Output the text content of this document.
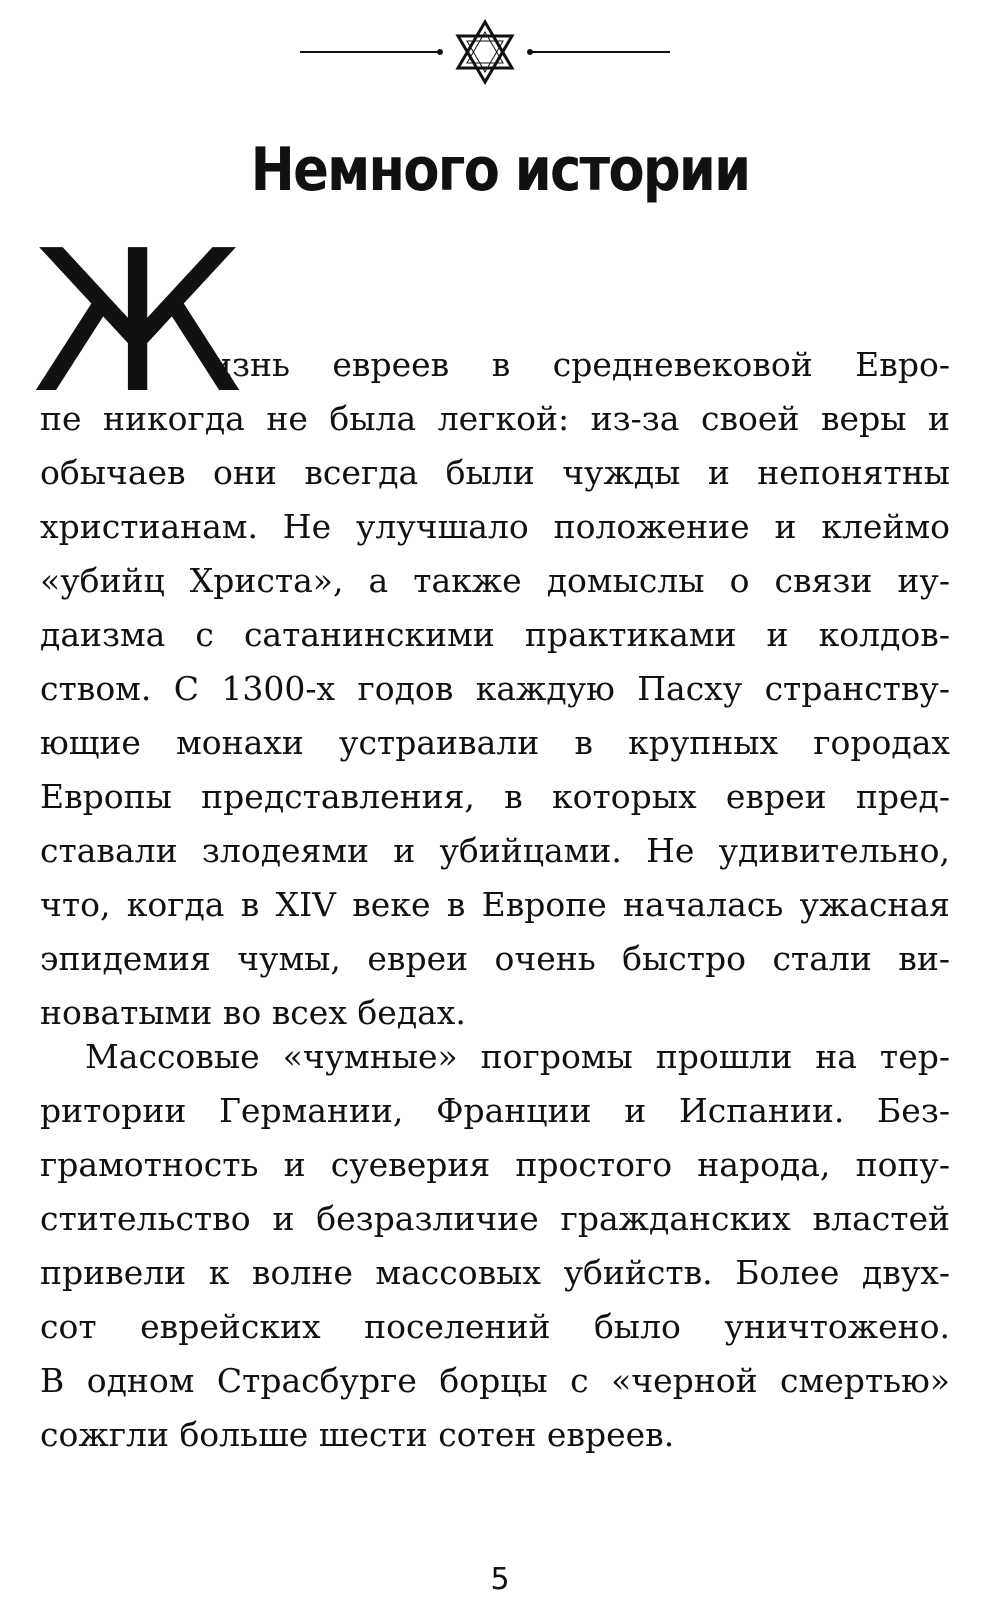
Немного истории
Ж
изнь евреев в средневековой Евро-
пе никогда не была легкой: из-за своей веры и
обычаев они всегда были чужды и непонятны
христианам. Не улучшало положение и клеймо
«убийц Христа», а также домыслы о связи иу-
даизма с сатанинскими практиками и колдов-
ством. С 1300-х годов каждую Пасху странству-
ющие монахи устраивали в крупных городах
Европы представления, в которых евреи пред-
ставали злодеями и убийцами. Не удивительно,
что, когда в XIV веке в Европе началась ужасная
эпидемия чумы, евреи очень быстро стали ви-
новатыми во всех бедах.
Массовые «чумные» погромы прошли на тер-
ритории Германии, Франции и Испании. Без-
грамотность и суеверия простого народа, попу-
стительство и безразличие гражданских властей
привели к волне массовых убийств. Более двух-
сот еврейских поселений было уничтожено.
В одном Страсбурге борцы с «черной смертью»
сожгли больше шести сотен евреев.
5
